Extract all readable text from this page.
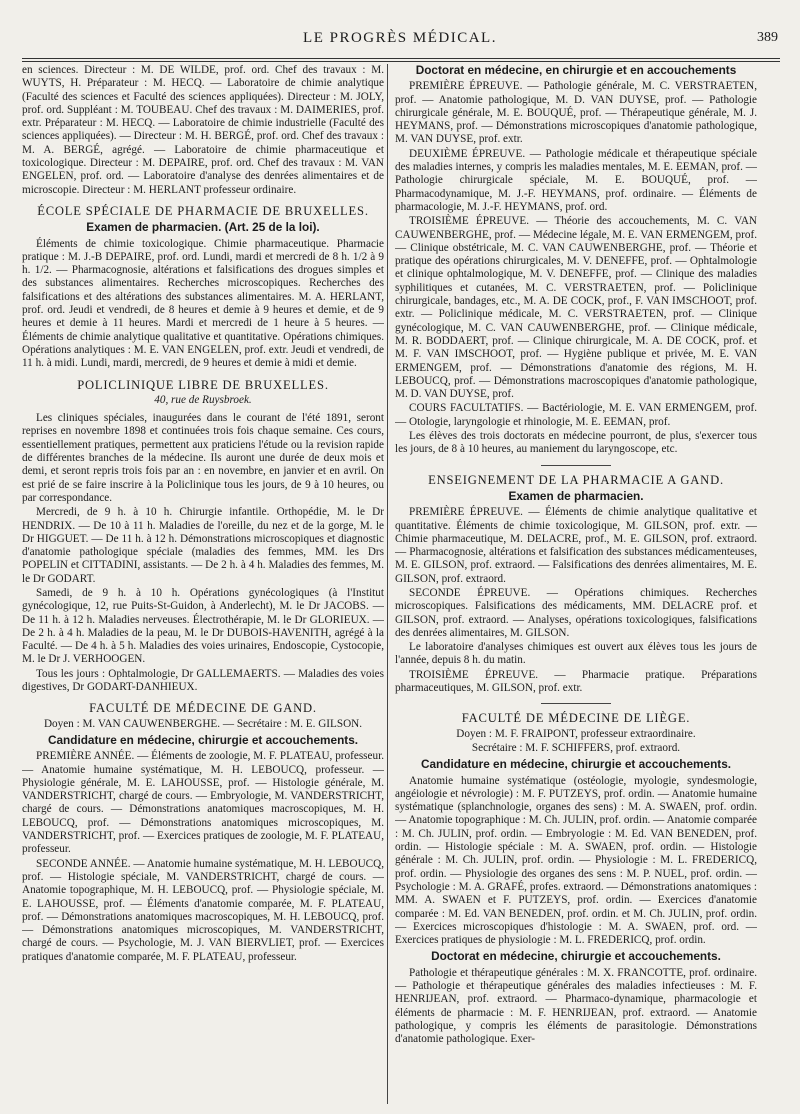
LE PROGRÈS MÉDICAL.	389

en sciences. Directeur : M. DE WILDE, prof. ord. Chef des travaux : M. WUYTS, H. Préparateur : M. HECQ. — Laboratoire de chimie analytique (Faculté des sciences et Faculté des sciences appliquées). Directeur : M. JOLY, prof. ord. Suppléant : M. TOUBEAU. Chef des travaux : M. DAIMERIES, prof. extr. Préparateur : M. HECQ. — Laboratoire de chimie industrielle (Faculté des sciences appliquées). — Directeur : M. H. BERGÉ, prof. ord. Chef des travaux : M. A. BERGÉ, agrégé. — Laboratoire de chimie pharmaceutique et toxicologique. Directeur : M. DEPAIRE, prof. ord. Chef des travaux : M. VAN ENGELEN, prof. ord. — Laboratoire d'analyse des denrées alimentaires et de microscopie. Directeur : M. HERLANT professeur ordinaire.

ÉCOLE SPÉCIALE DE PHARMACIE DE BRUXELLES.
Examen de pharmacien. (Art. 25 de la loi).

Éléments de chimie toxicologique. Chimie pharmaceutique. Pharmacie pratique : M. J.-B DEPAIRE, prof. ord. Lundi, mardi et mercredi de 8 h. 1/2 à 9 h. 1/2. — Pharmacognosie, altérations et falsifications des drogues simples et des substances alimentaires. Recherches microscopiques. Recherches des falsifications et des altérations des substances alimentaires. M. A. HERLANT, prof. ord. Jeudi et vendredi, de 8 heures et demie à 9 heures et demie, et de 9 heures et demie à 11 heures. Mardi et mercredi de 1 heure à 5 heures. — Éléments de chimie analytique qualitative et quantitative. Opérations chimiques. Opérations analytiques : M. E. VAN ENGELEN, prof. extr. Jeudi et vendredi, de 11 h. à midi. Lundi, mardi, mercredi, de 9 heures et demie à midi et demie.

POLICLINIQUE LIBRE DE BRUXELLES.
40, rue de Ruysbroek.

Les cliniques spéciales, inaugurées dans le courant de l'été 1891, seront reprises en novembre 1898 et continuées trois fois chaque semaine. Ces cours, essentiellement pratiques, permettent aux praticiens l'étude ou la revision rapide de différentes branches de la médecine. Ils auront une durée de deux mois et demi, et seront repris trois fois par an : en novembre, en janvier et en avril. On est prié de se faire inscrire à la Policlinique tous les jours, de 9 à 10 heures, ou par correspondance.

Mercredi, de 9 h. à 10 h. Chirurgie infantile. Orthopédie, M. le Dr HENDRIX. — De 10 à 11 h. Maladies de l'oreille, du nez et de la gorge, M. le Dr HIGGUET. — De 11 h. à 12 h. Démonstrations microscopiques et diagnostic d'anatomie pathologique spéciale (maladies des femmes, MM. les Drs POPELIN et CITTADINI, assistants. — De 2 h. à 4 h. Maladies des femmes, M. le Dr GODART.

Samedi, de 9 h. à 10 h. Opérations gynécologiques (à l'Institut gynécologique, 12, rue Puits-St-Guidon, à Anderlecht), M. le Dr JACOBS. — De 11 h. à 12 h. Maladies nerveuses. Électrothérapie, M. le Dr GLORIEUX. — De 2 h. à 4 h. Maladies de la peau, M. le Dr DUBOIS-HAVENITH, agrégé à la Faculté. — De 4 h. à 5 h. Maladies des voies urinaires, Endoscopie, Cystocopie, M. le Dr J. VERHOOGEN.

Tous les jours : Ophtalmologie, Dr GALLEMAERTS. — Maladies des voies digestives, Dr GODART-DANHIEUX.

FACULTÉ DE MÉDECINE DE GAND.

Doyen : M. VAN CAUWENBERGHE. — Secrétaire : M. E. GILSON.

Candidature en médecine, chirurgie et accouchements.

PREMIÈRE ANNÉE. — Éléments de zoologie, M. F. PLATEAU, professeur. — Anatomie humaine systématique, M. H. LEBOUCQ, professeur. — Physiologie générale, M. E. LAHOUSSE, prof. — Histologie générale, M. VANDERSTRICHT, chargé de cours. — Embryologie, M. VANDERSTRICHT, chargé de cours. — Démonstrations anatomiques macroscopiques, M. H. LEBOUCQ, prof. — Démonstrations anatomiques microscopiques, M. VANDERSTRICHT, prof. — Exercices pratiques de zoologie, M. F. PLATEAU, professeur.

SECONDE ANNÉE. — Anatomie humaine systématique, M. H. LEBOUCQ, prof. — Histologie spéciale, M. VANDERSTRICHT, chargé de cours. — Anatomie topographique, M. H. LEBOUCQ, prof. — Physiologie spéciale, M. E. LAHOUSSE, prof. — Éléments d'anatomie comparée, M. F. PLATEAU, prof. — Démonstrations anatomiques macroscopiques, M. H. LEBOUCQ, prof. — Démonstrations anatomiques microscopiques, M. VANDERSTRICHT, chargé de cours. — Psychologie, M. J. VAN BIERVLIET, prof. — Exercices pratiques d'anatomie comparée, M. F. PLATEAU, professeur.

Doctorat en médecine, en chirurgie et en accouchements

PREMIÈRE ÉPREUVE. — Pathologie générale, M. C. VERSTRAETEN, prof. — Anatomie pathologique, M. D. VAN DUYSE, prof. — Pathologie chirurgicale générale, M. E. BOUQUÉ, prof. — Thérapeutique générale, M. J. HEYMANS, prof. — Démonstrations microscopiques d'anatomie pathologique, M. VAN DUYSE, prof. extr.

DEUXIÈME ÉPREUVE. — Pathologie médicale et thérapeutique spéciale des maladies internes, y compris les maladies mentales, M. E. EEMAN, prof. — Pathologie chirurgicale spéciale, M. E. BOUQUÉ, prof. — Pharmacodynamique, M. J.-F. HEYMANS, prof. ordinaire. — Éléments de pharmacologie, M. J.-F. HEYMANS, prof. ord.

TROISIÈME ÉPREUVE. — Théorie des accouchements, M. C. VAN CAUWENBERGHE, prof. — Médecine légale, M. E. VAN ERMENGEM, prof. — Clinique obstétricale, M. C. VAN CAUWENBERGHE, prof. — Théorie et pratique des opérations chirurgicales, M. V. DENEFFE, prof. — Ophtalmologie et clinique ophtalmologique, M. V. DENEFFE, prof. — Clinique des maladies syphilitiques et cutanées, M. C. VERSTRAETEN, prof. — Policlinique chirurgicale, bandages, etc., M. A. DE COCK, prof., F. VAN IMSCHOOT, prof. extr. — Policlinique médicale, M. C. VERSTRAETEN, prof. — Clinique gynécologique, M. C. VAN CAUWENBERGHE, prof. — Clinique médicale, M. R. BODDAERT, prof. — Clinique chirurgicale, M. A. DE COCK, prof. et M. F. VAN IMSCHOOT, prof. — Hygiène publique et privée, M. E. VAN ERMENGEM, prof. — Démonstrations d'anatomie des régions, M. H. LEBOUCQ, prof. — Démonstrations macroscopiques d'anatomie pathologique, M. D. VAN DUYSE, prof.

COURS FACULTATIFS. — Bactériologie, M. E. VAN ERMENGEM, prof. — Otologie, laryngologie et rhinologie, M. E. EEMAN, prof.

Les élèves des trois doctorats en médecine pourront, de plus, s'exercer tous les jours, de 8 à 10 heures, au maniement du laryngoscope, etc.

ENSEIGNEMENT DE LA PHARMACIE A GAND.
Examen de pharmacien.

PREMIÈRE ÉPREUVE. — Éléments de chimie analytique qualitative et quantitative. Éléments de chimie toxicologique, M. GILSON, prof. extr. — Chimie pharmaceutique, M. DELACRE, prof., M. E. GILSON, prof. extraord. — Pharmacognosie, altérations et falsification des substances médicamenteuses, M. E. GILSON, prof. extraord. — Falsifications des denrées alimentaires, M. E. GILSON, prof. extraord.

SECONDE ÉPREUVE. — Opérations chimiques. Recherches microscopiques. Falsifications des médicaments, MM. DELACRE prof. et GILSON, prof. extraord. — Analyses, opérations toxicologiques, falsifications des denrées alimentaires, M. GILSON.

Le laboratoire d'analyses chimiques est ouvert aux élèves tous les jours de l'année, depuis 8 h. du matin.

TROISIÈME ÉPREUVE. — Pharmacie pratique. Préparations pharmaceutiques, M. GILSON, prof. extr.

FACULTÉ DE MÉDECINE DE LIÈGE.

Doyen : M. F. FRAIPONT, professeur extraordinaire.

Secrétaire : M. F. SCHIFFERS, prof. extraord.

Candidature en médecine, chirurgie et accouchements.

Anatomie humaine systématique (ostéologie, myologie, syndesmologie, angéiologie et névrologie) : M. F. PUTZEYS, prof. ordin. — Anatomie humaine systématique (splanchnologie, organes des sens) : M. A. SWAEN, prof. ordin. — Anatomie topographique : M. Ch. JULIN, prof. ordin. — Anatomie comparée : M. Ch. JULIN, prof. ordin. — Embryologie : M. Ed. VAN BENEDEN, prof. ordin. — Histologie spéciale : M. A. SWAEN, prof. ordin. — Histologie générale : M. Ch. JULIN, prof. ordin. — Physiologie : M. L. FREDERICQ, prof. ordin. — Physiologie des organes des sens : M. P. NUEL, prof. ordin. — Psychologie : M. A. GRAFÉ, profes. extraord. — Démonstrations anatomiques : MM. A. SWAEN et F. PUTZEYS, prof. ordin. — Exercices d'anatomie comparée : M. Ed. VAN BENEDEN, prof. ordin. et M. Ch. JULIN, prof. ordin. — Exercices microscopiques d'histologie : M. A. SWAEN, prof. ord. — Exercices pratiques de physiologie : M. L. FREDERICQ, prof. ordin.

Doctorat en médecine, chirurgie et accouchements.

Pathologie et thérapeutique générales : M. X. FRANCOTTE, prof. ordinaire. — Pathologie et thérapeutique générales des maladies infectieuses : M. F. HENRIJEAN, prof. extraord. — Pharmaco-dynamique, pharmacologie et éléments de pharmacie : M. F. HENRIJEAN, prof. extraord. — Anatomie pathologique, y compris les éléments de parasitologie. Démonstrations d'anatomie pathologique. Exer-
